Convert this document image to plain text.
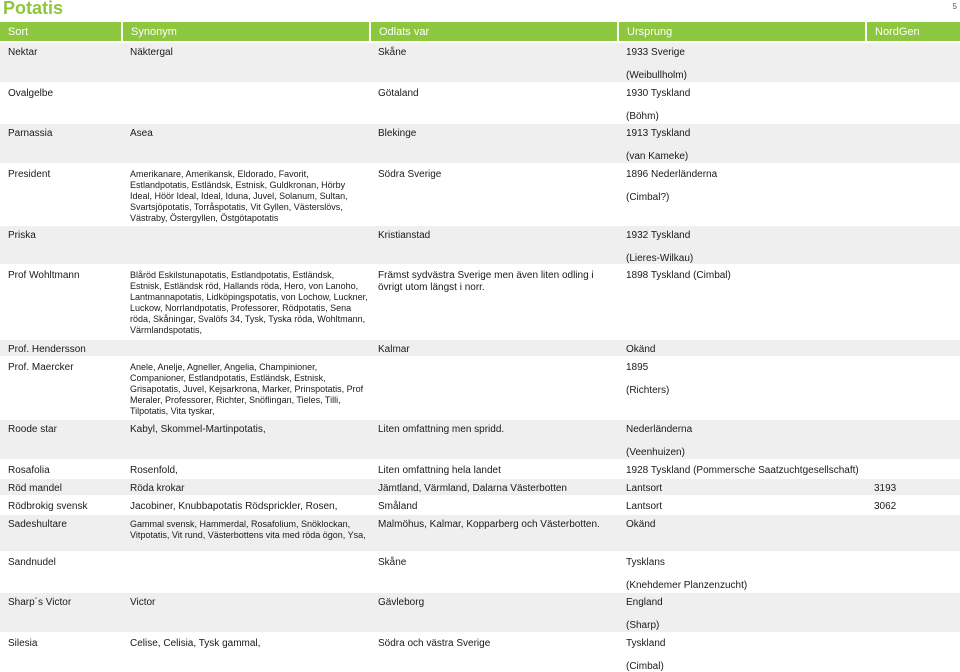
Potatis	5
Sort	Synonym	Odlats var	Ursprung	NordGen
Nektar	Näktergal	Skåne	1933 Sverige

(Weibullholm)	
Ovalgelbe		Götaland	1930 Tyskland

(Böhm)	
Parnassia	Asea	Blekinge	1913 Tyskland

(van Kameke)	
President	Amerikanare, Amerikansk, Eldorado, Favorit, Estlandpotatis, Estländsk, Estnisk, Guldkronan, Hörby Ideal, Höör Ideal, Ideal, Iduna, Juvel, Solanum, Sultan, Svartsjöpotatis, Torråspotatis, Vit Gyllen, Västerslövs, Västraby, Östergyllen, Östgötapotatis	Södra Sverige	1896 Nederländerna

(Cimbal?)	
Priska		Kristianstad	1932 Tyskland

(Lieres-Wilkau)	
Prof Wohltmann	Blåröd Eskilstunapotatis, Estlandpotatis, Estländsk, Estnisk, Estländsk röd, Hallands röda, Hero, von Lanoho, Lantmannapotatis, Lidköpingspotatis, von Lochow, Luckner, Luckow, Norrlandpotatis, Professorer, Rödpotatis, Sena röda, Skåningar, Svalöfs 34, Tysk, Tyska röda, Wohltmann, Värmlandspotatis,	Främst sydvästra Sverige men även liten odling i övrigt utom längst i norr.	1898 Tyskland (Cimbal)	
Prof. Hendersson		Kalmar	Okänd	
Prof. Maercker	Anele, Anelje, Agneller, Angelia, Champinioner, Companioner, Estlandpotatis, Estländsk, Estnisk, Grisapotatis, Juvel, Kejsarkrona, Marker, Prinspotatis, Prof Meraler, Professorer, Richter, Snöflingan, Tieles, Tilli, Tilpotatis, Vita tyskar,		1895

(Richters)	
Roode star	Kabyl, Skommel-Martinpotatis,	Liten omfattning men spridd.	Nederländerna

(Veenhuizen)	
Rosafolia	Rosenfold,	Liten omfattning hela landet	1928 Tyskland (Pommersche Saatzuchtgesellschaft)	
Röd mandel	Röda krokar	Jämtland, Värmland, Dalarna Västerbotten	Lantsort	3193
Rödbrokig svensk	Jacobiner, Knubbapotatis Rödsprickler, Rosen,	Småland	Lantsort	3062
Sadeshultare	Gammal svensk, Hammerdal, Rosafolium, Snöklockan, Vitpotatis, Vit rund, Västerbottens vita med röda ögon, Ysa,	Malmöhus, Kalmar, Kopparberg och Västerbotten.	Okänd	
Sandnudel		Skåne	Tysklans

(Knehdemer Planzenzucht)	
Sharp´s Victor	Victor	Gävleborg	England

(Sharp)	
Silesia	Celise, Celisia, Tysk gammal,	Södra och västra Sverige	Tyskland

(Cimbal)	
